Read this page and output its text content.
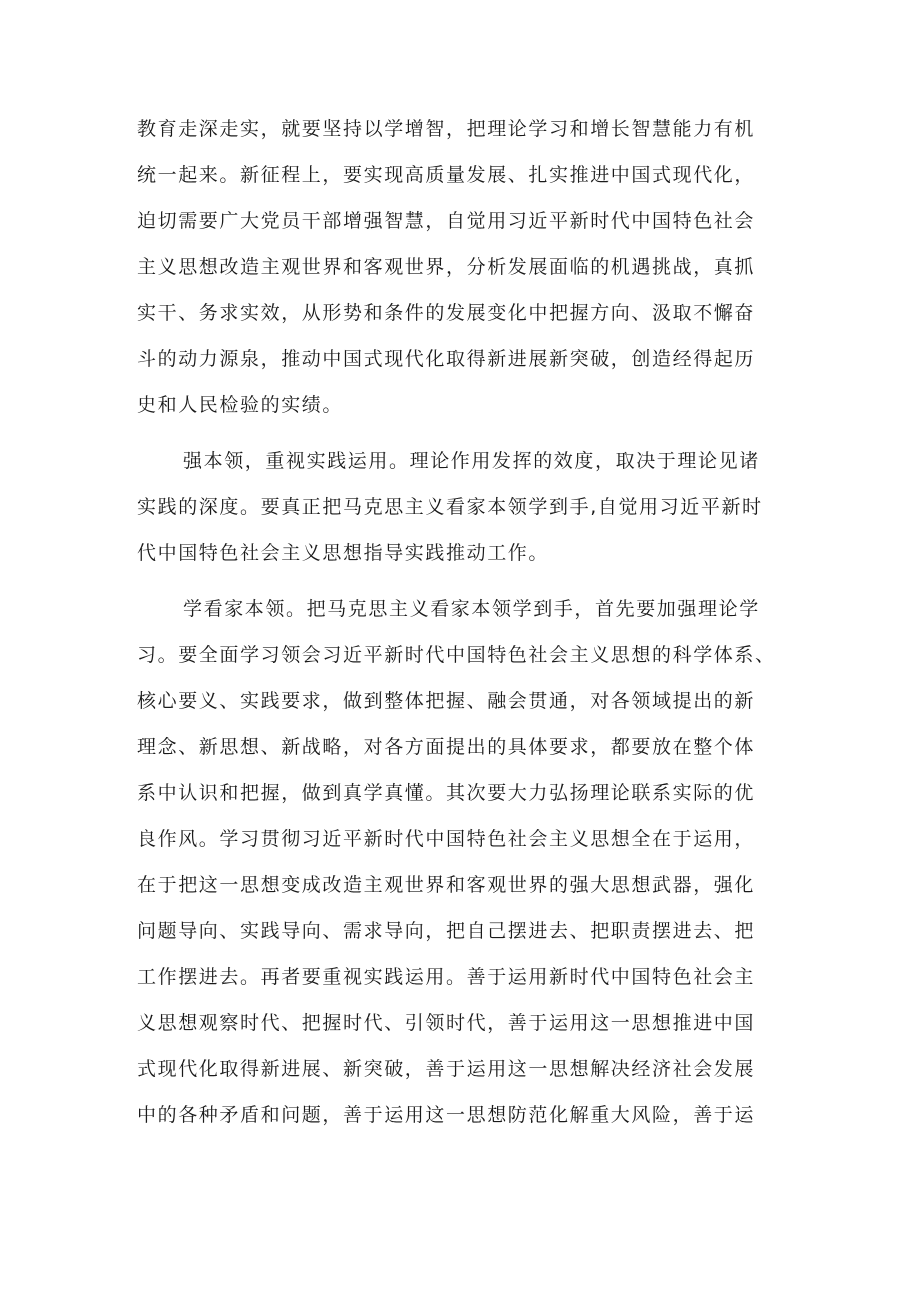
教育走深走实，就要坚持以学增智，把理论学习和增长智慧能力有机
统一起来。新征程上，要实现高质量发展、扎实推进中国式现代化，
迫切需要广大党员干部增强智慧，自觉用习近平新时代中国特色社会
主义思想改造主观世界和客观世界，分析发展面临的机遇挑战，真抓
实干、务求实效，从形势和条件的发展变化中把握方向、汲取不懈奋
斗的动力源泉，推动中国式现代化取得新进展新突破，创造经得起历
史和人民检验的实绩。
强本领，重视实践运用。理论作用发挥的效度，取决于理论见诸
实践的深度。要真正把马克思主义看家本领学到手,自觉用习近平新时
代中国特色社会主义思想指导实践推动工作。
学看家本领。把马克思主义看家本领学到手，首先要加强理论学
习。要全面学习领会习近平新时代中国特色社会主义思想的科学体系、
核心要义、实践要求，做到整体把握、融会贯通，对各领域提出的新
理念、新思想、新战略，对各方面提出的具体要求，都要放在整个体
系中认识和把握，做到真学真懂。其次要大力弘扬理论联系实际的优
良作风。学习贯彻习近平新时代中国特色社会主义思想全在于运用，
在于把这一思想变成改造主观世界和客观世界的强大思想武器，强化
问题导向、实践导向、需求导向，把自己摆进去、把职责摆进去、把
工作摆进去。再者要重视实践运用。善于运用新时代中国特色社会主
义思想观察时代、把握时代、引领时代，善于运用这一思想推进中国
式现代化取得新进展、新突破，善于运用这一思想解决经济社会发展
中的各种矛盾和问题，善于运用这一思想防范化解重大风险，善于运
